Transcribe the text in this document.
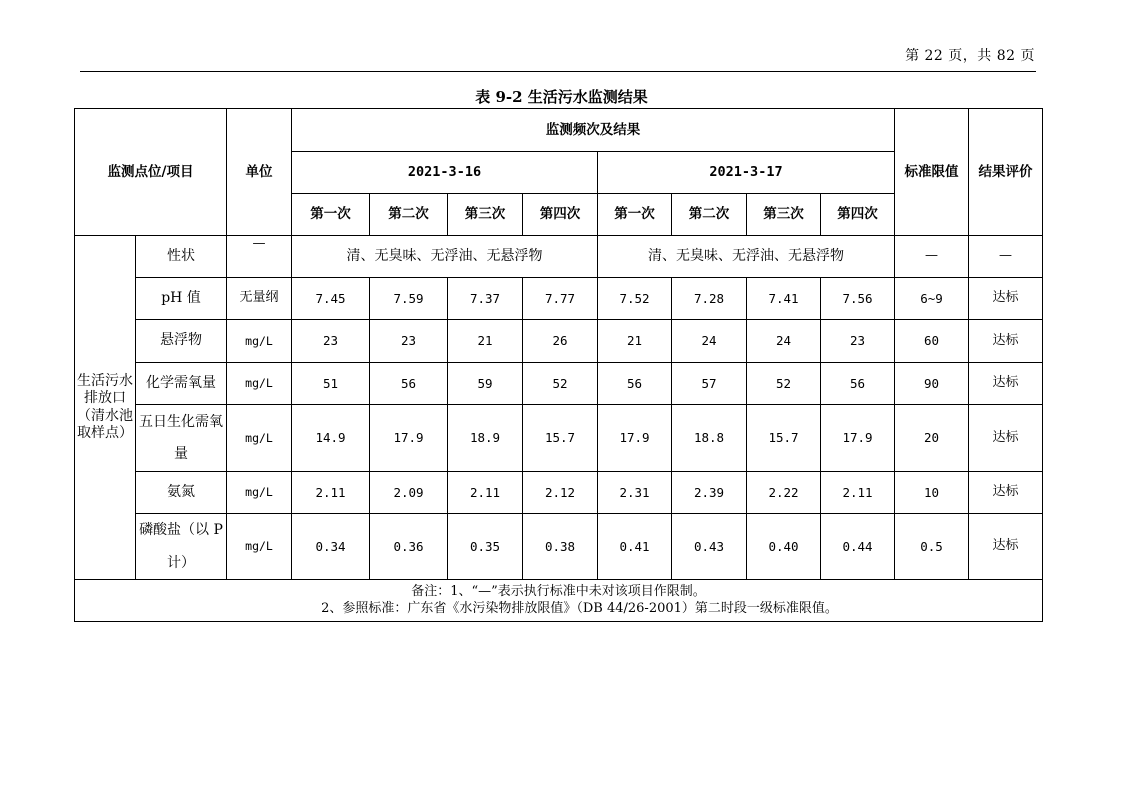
第 22 页，共 82 页
表 9-2 生活污水监测结果
监测点位/项目		单位	监测频次及结果								标准限值	结果评价
			2021-3-16				2021-3-17					
			第一次	第二次	第三次	第四次	第一次	第二次	第三次	第四次		
生活污水排放口（清水池取样点）	性状	—	清、无臭味、无浮油、无悬浮物				清、无臭味、无浮油、无悬浮物				—	—
	pH 值	无量纲	7.45	7.59	7.37	7.77	7.52	7.28	7.41	7.56	6~9	达标
	悬浮物	mg/L	23	23	21	26	21	24	24	23	60	达标
	化学需氧量	mg/L	51	56	59	52	56	57	52	56	90	达标
	五日生化需氧量	mg/L	14.9	17.9	18.9	15.7	17.9	18.8	15.7	17.9	20	达标
	氨氮	mg/L	2.11	2.09	2.11	2.12	2.31	2.39	2.22	2.11	10	达标
	磷酸盐（以 P 计）	mg/L	0.34	0.36	0.35	0.38	0.41	0.43	0.40	0.44	0.5	达标

备注：1、“—”表示执行标准中未对该项目作限制。
2、参照标准：广东省《水污染物排放限值》（DB 44/26-2001）第二时段一级标准限值。												
